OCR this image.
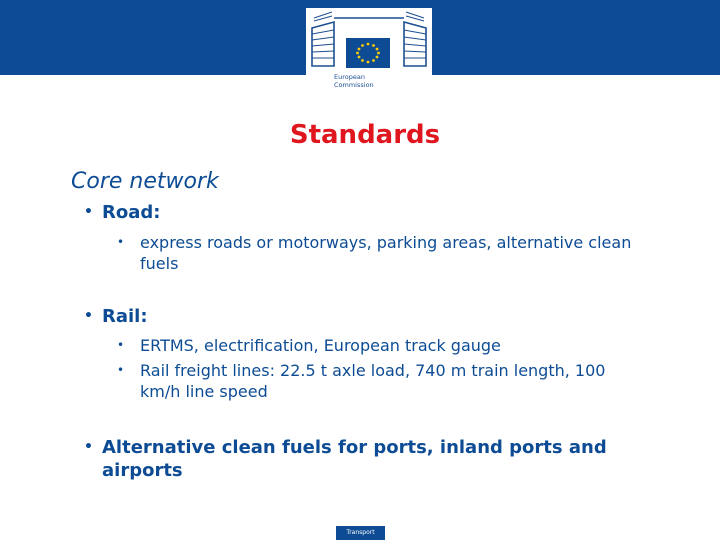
European
Commission
Standards
Core network
• Road:
• express roads or motorways, parking areas, alternative clean fuels
• Rail:
• ERTMS, electrification, European track gauge
• Rail freight lines: 22.5 t axle load, 740 m train length, 100 km/h line speed
• Alternative clean fuels for ports, inland ports and airports
Transport
